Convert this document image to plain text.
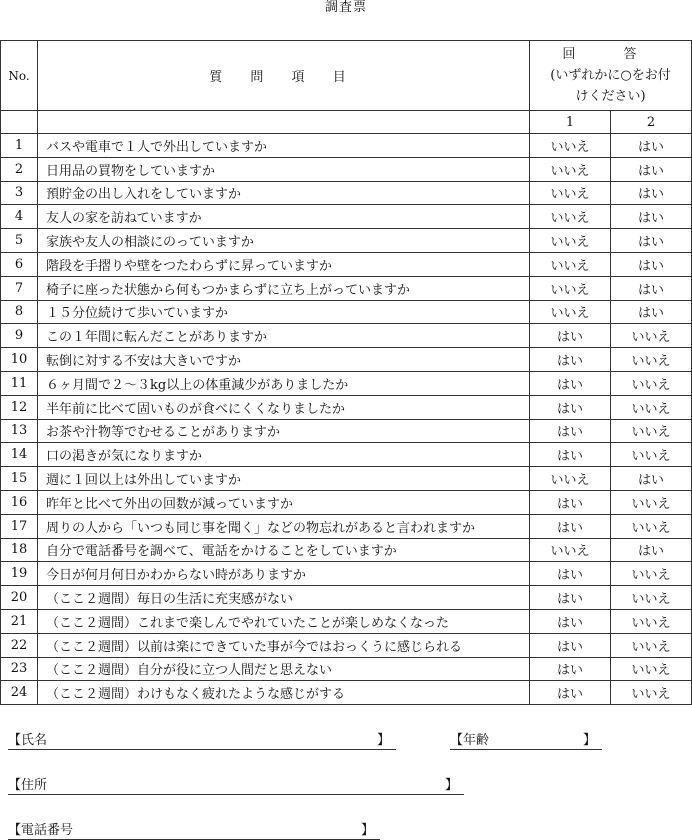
調査票
No.	質 問 項 目	回 答
(いずれかに○をお付
けください)	

		1	2
1	バスや電車で１人で外出していますか	いいえ	はい
2	日用品の買物をしていますか	いいえ	はい
3	預貯金の出し入れをしていますか	いいえ	はい
4	友人の家を訪ねていますか	いいえ	はい
5	家族や友人の相談にのっていますか	いいえ	はい
6	階段を手摺りや壁をつたわらずに昇っていますか	いいえ	はい
7	椅子に座った状態から何もつかまらずに立ち上がっていますか	いいえ	はい
8	１５分位続けて歩いていますか	いいえ	はい
9	この１年間に転んだことがありますか	はい	いいえ
10	転倒に対する不安は大きいですか	はい	いいえ
11	６ヶ月間で２～３kg以上の体重減少がありましたか	はい	いいえ
12	半年前に比べて固いものが食べにくくなりましたか	はい	いいえ
13	お茶や汁物等でむせることがありますか	はい	いいえ
14	口の渇きが気になりますか	はい	いいえ
15	週に１回以上は外出していますか	いいえ	はい
16	昨年と比べて外出の回数が減っていますか	はい	いいえ
17	周りの人から「いつも同じ事を聞く」などの物忘れがあると言われますか	はい	いいえ
18	自分で電話番号を調べて、電話をかけることをしていますか	いいえ	はい
19	今日が何月何日かわからない時がありますか	はい	いいえ
20	（ここ２週間）毎日の生活に充実感がない	はい	いいえ
21	（ここ２週間）これまで楽しんでやれていたことが楽しめなくなった	はい	いいえ
22	（ここ２週間）以前は楽にできていた事が今ではおっくうに感じられる	はい	いいえ
23	（ここ２週間）自分が役に立つ人間だと思えない	はい	いいえ
24	（ここ２週間）わけもなく疲れたような感じがする	はい	いいえ
【氏名	】	【年齢	】
【住所	】
【電話番号	】
